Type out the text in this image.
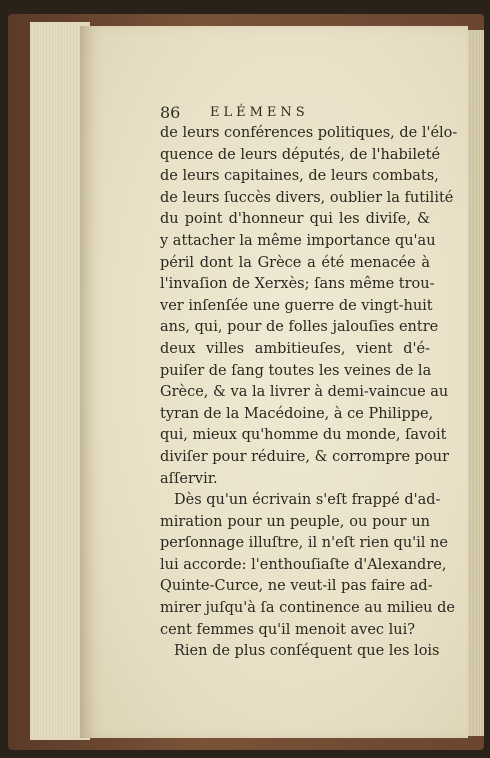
86 ELÉMENS
de leurs conférences politiques, de l'élo-
quence de leurs députés, de l'habileté
de leurs capitaines, de leurs combats,
de leurs ſuccès divers, oublier la futilité
du point d'honneur qui les diviſe, &
y attacher la même importance qu'au
péril dont la Grèce a été menacée à
l'invaſion de Xerxès; ſans même trou-
ver inſenſée une guerre de vingt-huit
ans, qui, pour de folles jalouſies entre
deux villes ambitieuſes, vient d'é-
puiſer de ſang toutes les veines de la
Grèce, & va la livrer à demi-vaincue au
tyran de la Macédoine, à ce Philippe,
qui, mieux qu'homme du monde, ſavoit
diviſer pour réduire, & corrompre pour
aſſervir.
Dès qu'un écrivain s'eſt frappé d'ad-
miration pour un peuple, ou pour un
perſonnage illuſtre, il n'eſt rien qu'il ne
lui accorde: l'enthouſiaſte d'Alexandre,
Quinte-Curce, ne veut-il pas faire ad-
mirer juſqu'à ſa continence au milieu de
cent femmes qu'il menoit avec lui?
Rien de plus conſéquent que les lois
